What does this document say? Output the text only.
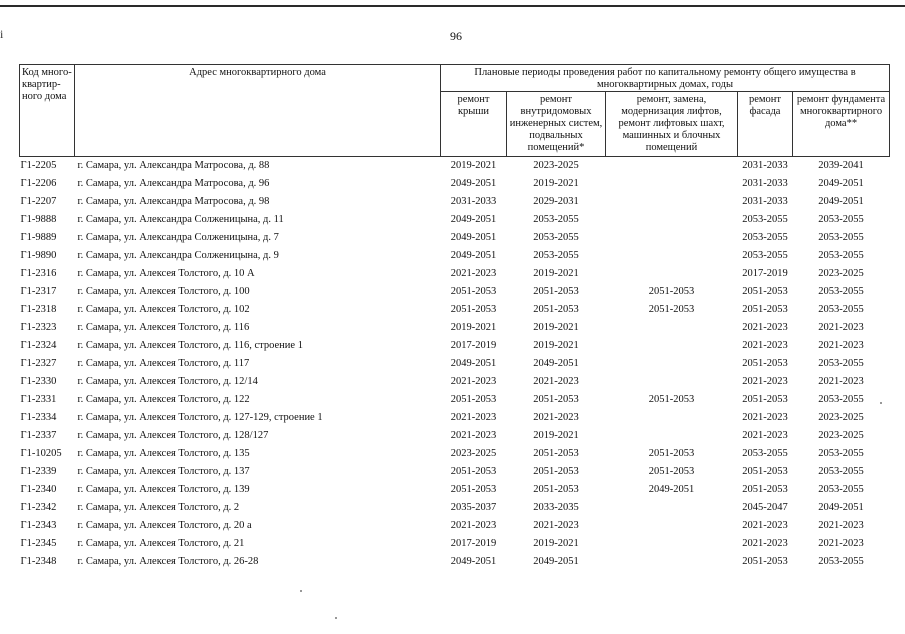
i	96
Код много-квартир-ного дома	Адрес многоквартирного дома	Плановые периоды проведения работ по капитальному ремонту общего имущества в многоквартирных домах, годы				
		ремонт крыши	ремонт внутридомовых инженерных систем, подвальных помещений*	ремонт, замена, модернизация лифтов, ремонт лифтовых шахт, машинных и блочных помещений	ремонт фасада	ремонт фундамента многоквартирного дома**
Г1-2205	г. Самара, ул. Александра Матросова, д. 88	2019-2021	2023-2025		2031-2033	2039-2041
Г1-2206	г. Самара, ул. Александра Матросова, д. 96	2049-2051	2019-2021		2031-2033	2049-2051
Г1-2207	г. Самара, ул. Александра Матросова, д. 98	2031-2033	2029-2031		2031-2033	2049-2051
Г1-9888	г. Самара, ул. Александра Солженицына, д. 11	2049-2051	2053-2055		2053-2055	2053-2055
Г1-9889	г. Самара, ул. Александра Солженицына, д. 7	2049-2051	2053-2055		2053-2055	2053-2055
Г1-9890	г. Самара, ул. Александра Солженицына, д. 9	2049-2051	2053-2055		2053-2055	2053-2055
Г1-2316	г. Самара, ул. Алексея Толстого, д. 10 А	2021-2023	2019-2021		2017-2019	2023-2025
Г1-2317	г. Самара, ул. Алексея Толстого, д. 100	2051-2053	2051-2053	2051-2053	2051-2053	2053-2055
Г1-2318	г. Самара, ул. Алексея Толстого, д. 102	2051-2053	2051-2053	2051-2053	2051-2053	2053-2055
Г1-2323	г. Самара, ул. Алексея Толстого, д. 116	2019-2021	2019-2021		2021-2023	2021-2023
Г1-2324	г. Самара, ул. Алексея Толстого, д. 116, строение 1	2017-2019	2019-2021		2021-2023	2021-2023
Г1-2327	г. Самара, ул. Алексея Толстого, д. 117	2049-2051	2049-2051		2051-2053	2053-2055
Г1-2330	г. Самара, ул. Алексея Толстого, д. 12/14	2021-2023	2021-2023		2021-2023	2021-2023
Г1-2331	г. Самара, ул. Алексея Толстого, д. 122	2051-2053	2051-2053	2051-2053	2051-2053	2053-2055
Г1-2334	г. Самара, ул. Алексея Толстого, д. 127-129, строение 1	2021-2023	2021-2023		2021-2023	2023-2025
Г1-2337	г. Самара, ул. Алексея Толстого, д. 128/127	2021-2023	2019-2021		2021-2023	2023-2025
Г1-10205	г. Самара, ул. Алексея Толстого, д. 135	2023-2025	2051-2053	2051-2053	2053-2055	2053-2055
Г1-2339	г. Самара, ул. Алексея Толстого, д. 137	2051-2053	2051-2053	2051-2053	2051-2053	2053-2055
Г1-2340	г. Самара, ул. Алексея Толстого, д. 139	2051-2053	2051-2053	2049-2051	2051-2053	2053-2055
Г1-2342	г. Самара, ул. Алексея Толстого, д. 2	2035-2037	2033-2035		2045-2047	2049-2051
Г1-2343	г. Самара, ул. Алексея Толстого, д. 20 а	2021-2023	2021-2023		2021-2023	2021-2023
Г1-2345	г. Самара, ул. Алексея Толстого, д. 21	2017-2019	2019-2021		2021-2023	2021-2023
Г1-2348	г. Самара, ул. Алексея Толстого, д. 26-28	2049-2051	2049-2051		2051-2053	2053-2055
